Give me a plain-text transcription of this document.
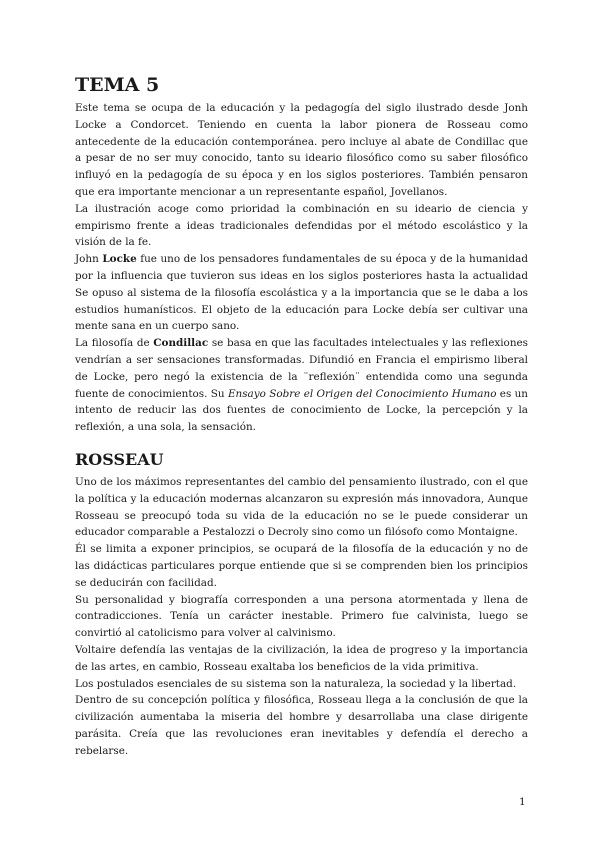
TEMA 5

Este tema se ocupa de la educación y la pedagogía del siglo ilustrado desde Jonh Locke a Condorcet. Teniendo en cuenta la labor pionera de Rosseau como antecedente de la educación contemporánea. pero incluye al abate de Condillac que a pesar de no ser muy conocido, tanto su ideario filosófico como su saber filosófico influyó en la pedagogía de su época y en los siglos posteriores. También pensaron que era importante mencionar a un representante español, Jovellanos.

La ilustración acoge como prioridad la combinación en su ideario de ciencia y empirismo frente a ideas tradicionales defendidas por el método escolástico y la visión de la fe.

John Locke fue uno de los pensadores fundamentales de su época y de la humanidad por la influencia que tuvieron sus ideas en los siglos posteriores hasta la actualidad Se opuso al sistema de la filosofía escolástica y a la importancia que se le daba a los estudios humanísticos. El objeto de la educación para Locke debía ser cultivar una mente sana en un cuerpo sano.

La filosofía de Condillac se basa en que las facultades intelectuales y las reflexiones vendrían a ser sensaciones transformadas. Difundió en Francia el empirismo liberal de Locke, pero negó la existencia de la ¨reflexión¨ entendida como una segunda fuente de conocimientos. Su Ensayo Sobre el Origen del Conocimiento Humano es un intento de reducir las dos fuentes de conocimiento de Locke, la percepción y la reflexión, a una sola, la sensación.

ROSSEAU

Uno de los máximos representantes del cambio del pensamiento ilustrado, con el que la política y la educación modernas alcanzaron su expresión más innovadora, Aunque Rosseau se preocupó toda su vida de la educación no se le puede considerar un educador comparable a Pestalozzi o Decroly sino como un filósofo como Montaigne.

Él se limita a exponer principios, se ocupará de la filosofía de la educación y no de las didácticas particulares porque entiende que si se comprenden bien los principios se deducirán con facilidad.

Su personalidad y biografía corresponden a una persona atormentada y llena de contradicciones. Tenía un carácter inestable. Primero fue calvinista, luego se convirtió al catolicismo para volver al calvinismo.

Voltaire defendía las ventajas de la civilización, la idea de progreso y la importancia de las artes, en cambio, Rosseau exaltaba los beneficios de la vida primitiva.

Los postulados esenciales de su sistema son la naturaleza, la sociedad y la libertad.

Dentro de su concepción política y filosófica, Rosseau llega a la conclusión de que la civilización aumentaba la miseria del hombre y desarrollaba una clase dirigente parásita. Creía que las revoluciones eran inevitables y defendía el derecho a rebelarse.

1
